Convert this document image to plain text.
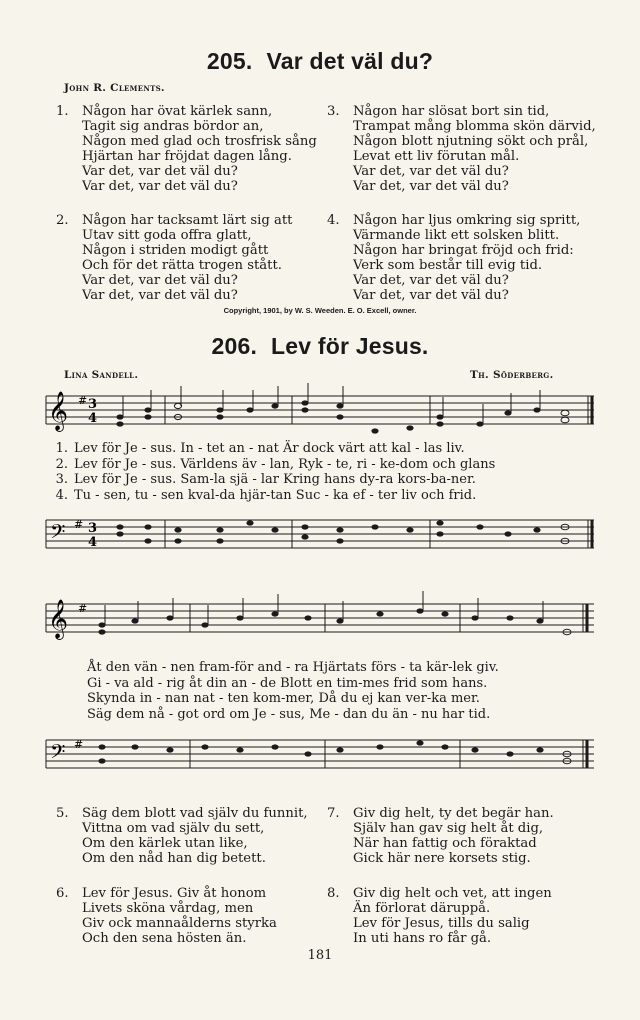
205. Var det väl du?
John R. Clements.
1. Någon har övat kärlek sann,
Tagit sig andras bördor an,
Någon med glad och trosfrisk sång
Hjärtan har fröjdat dagen lång.
Var det, var det väl du?
Var det, var det väl du?
3. Någon har slösat bort sin tid,
Trampat mång blomma skön därvid,
Någon blott njutning sökt och prål,
Levat ett liv förutan mål.
Var det, var det väl du?
Var det, var det väl du?
2. Någon har tacksamt lärt sig att
Utav sitt goda offra glatt,
Någon i striden modigt gått
Och för det rätta trogen stått.
Var det, var det väl du?
Var det, var det väl du?
4. Någon har ljus omkring sig spritt,
Värmande likt ett solsken blitt.
Någon har bringat fröjd och frid:
Verk som består till evig tid.
Var det, var det väl du?
Var det, var det väl du?
Copyright, 1901, by W. S. Weeden. E. O. Excell, owner.
206. Lev för Jesus.
Lina Sandell.	Th. Söderberg.
𝄞 # 3
4
1. Lev för Je - sus. In - tet an - nat Är dock värt att kal - las liv.
2. Lev för Je - sus. Världens äv - lan, Ryk - te, ri - ke-dom och glans
3. Lev för Je - sus. Sam-la sjä - lar Kring hans dy-ra kors-ba-ner.
4. Tu - sen, tu - sen kval-da hjär-tan Suc - ka ef - ter liv och frid.
𝄢 # 3
4
𝄞 #
Åt den vän - nen fram-för and - ra Hjärtats förs - ta kär-lek giv.
Gi - va ald - rig åt din an - de Blott en tim-mes frid som hans.
Skynda in - nan nat - ten kom-mer, Då du ej kan ver-ka mer.
Säg dem nå - got ord om Je - sus, Me - dan du än - nu har tid.
𝄢 #
5. Säg dem blott vad själv du funnit,
Vittna om vad själv du sett,
Om den kärlek utan like,
Om den nåd han dig betett.
7. Giv dig helt, ty det begär han.
Själv han gav sig helt åt dig,
När han fattig och föraktad
Gick här nere korsets stig.
6. Lev för Jesus. Giv åt honom
Livets sköna vårdag, men
Giv ock mannaålderns styrka
Och den sena hösten än.
8. Giv dig helt och vet, att ingen
Än förlorat däruppå.
Lev för Jesus, tills du salig
In uti hans ro får gå.
181
